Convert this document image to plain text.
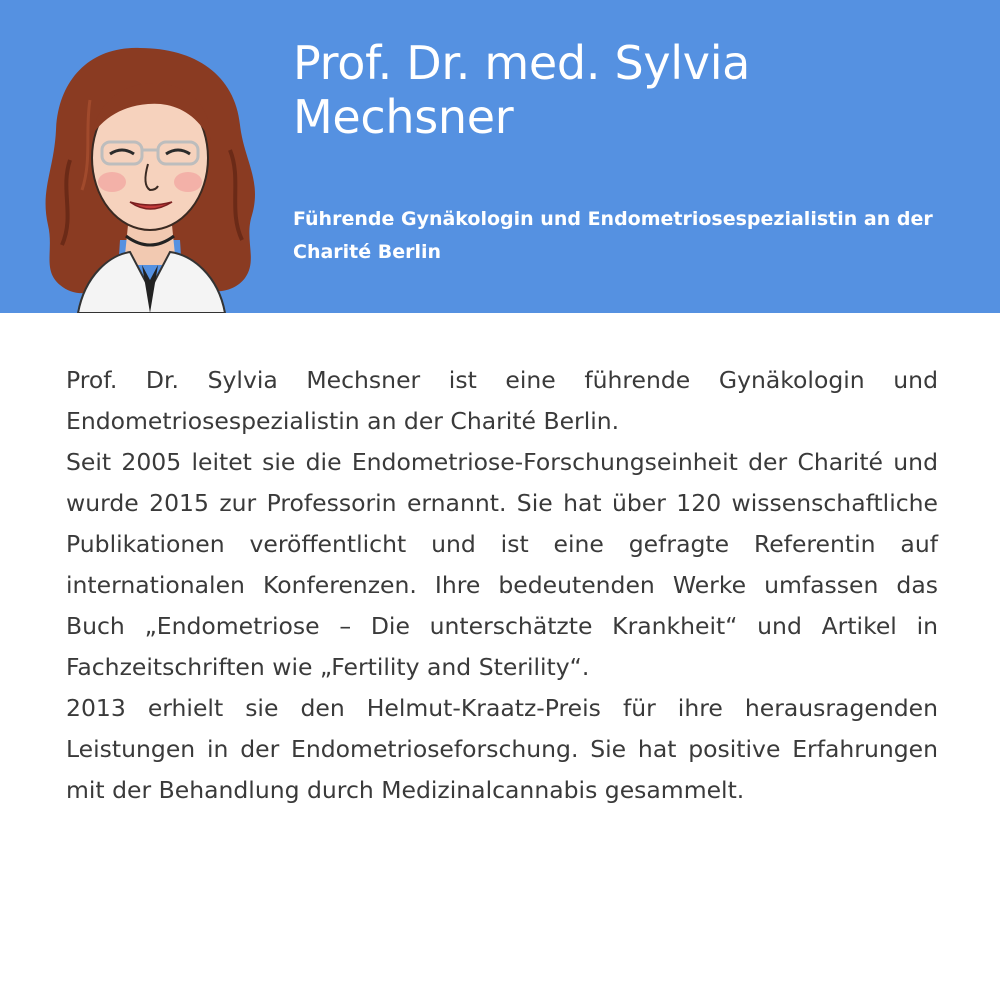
Prof. Dr. med. Sylvia Mechsner

Führende Gynäkologin und Endometriosespezialistin an der Charité Berlin

Prof. Dr. Sylvia Mechsner ist eine führende Gynäkologin und Endometriosespezialistin an der Charité Berlin.

Seit 2005 leitet sie die Endometriose-Forschungseinheit der Charité und wurde 2015 zur Professorin ernannt. Sie hat über 120 wissenschaftliche Publikationen veröffentlicht und ist eine gefragte Referentin auf internationalen Konferenzen. Ihre bedeutenden Werke umfassen das Buch „Endometriose – Die unterschätzte Krankheit“ und Artikel in Fachzeitschriften wie „Fertility and Sterility“.

2013 erhielt sie den Helmut-Kraatz-Preis für ihre herausragenden Leistungen in der Endometrioseforschung. Sie hat positive Erfahrungen mit der Behandlung durch Medizinalcannabis gesammelt.
